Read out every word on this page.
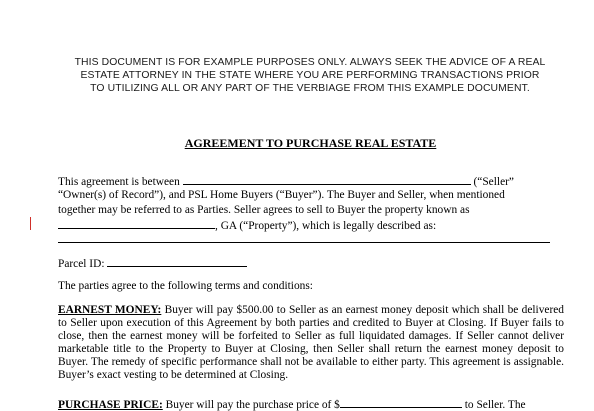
THIS DOCUMENT IS FOR EXAMPLE PURPOSES ONLY. ALWAYS SEEK THE ADVICE OF A REAL
ESTATE ATTORNEY IN THE STATE WHERE YOU ARE PERFORMING TRANSACTIONS PRIOR
TO UTILIZING ALL OR ANY PART OF THE VERBIAGE FROM THIS EXAMPLE DOCUMENT.
AGREEMENT TO PURCHASE REAL ESTATE
This agreement is between	(“Seller”
“Owner(s) of Record”), and PSL Home Buyers (“Buyer”). The Buyer and Seller, when mentioned
together may be referred to as Parties. Seller agrees to sell to Buyer the property known as
, GA (“Property”), which is legally described as:
Parcel ID:
The parties agree to the following terms and conditions:
EARNEST MONEY: Buyer will pay $500.00 to Seller as an earnest money deposit which shall be delivered to Seller upon execution of this Agreement by both parties and credited to Buyer at Closing. If Buyer fails to close, then the earnest money will be forfeited to Seller as full liquidated damages. If Seller cannot deliver marketable title to the Property to Buyer at Closing, then Seller shall return the earnest money deposit to Buyer. The remedy of specific performance shall not be available to either party. This agreement is assignable. Buyer’s exact vesting to be determined at Closing.
PURCHASE PRICE: Buyer will pay the purchase price of $	to Seller. The
